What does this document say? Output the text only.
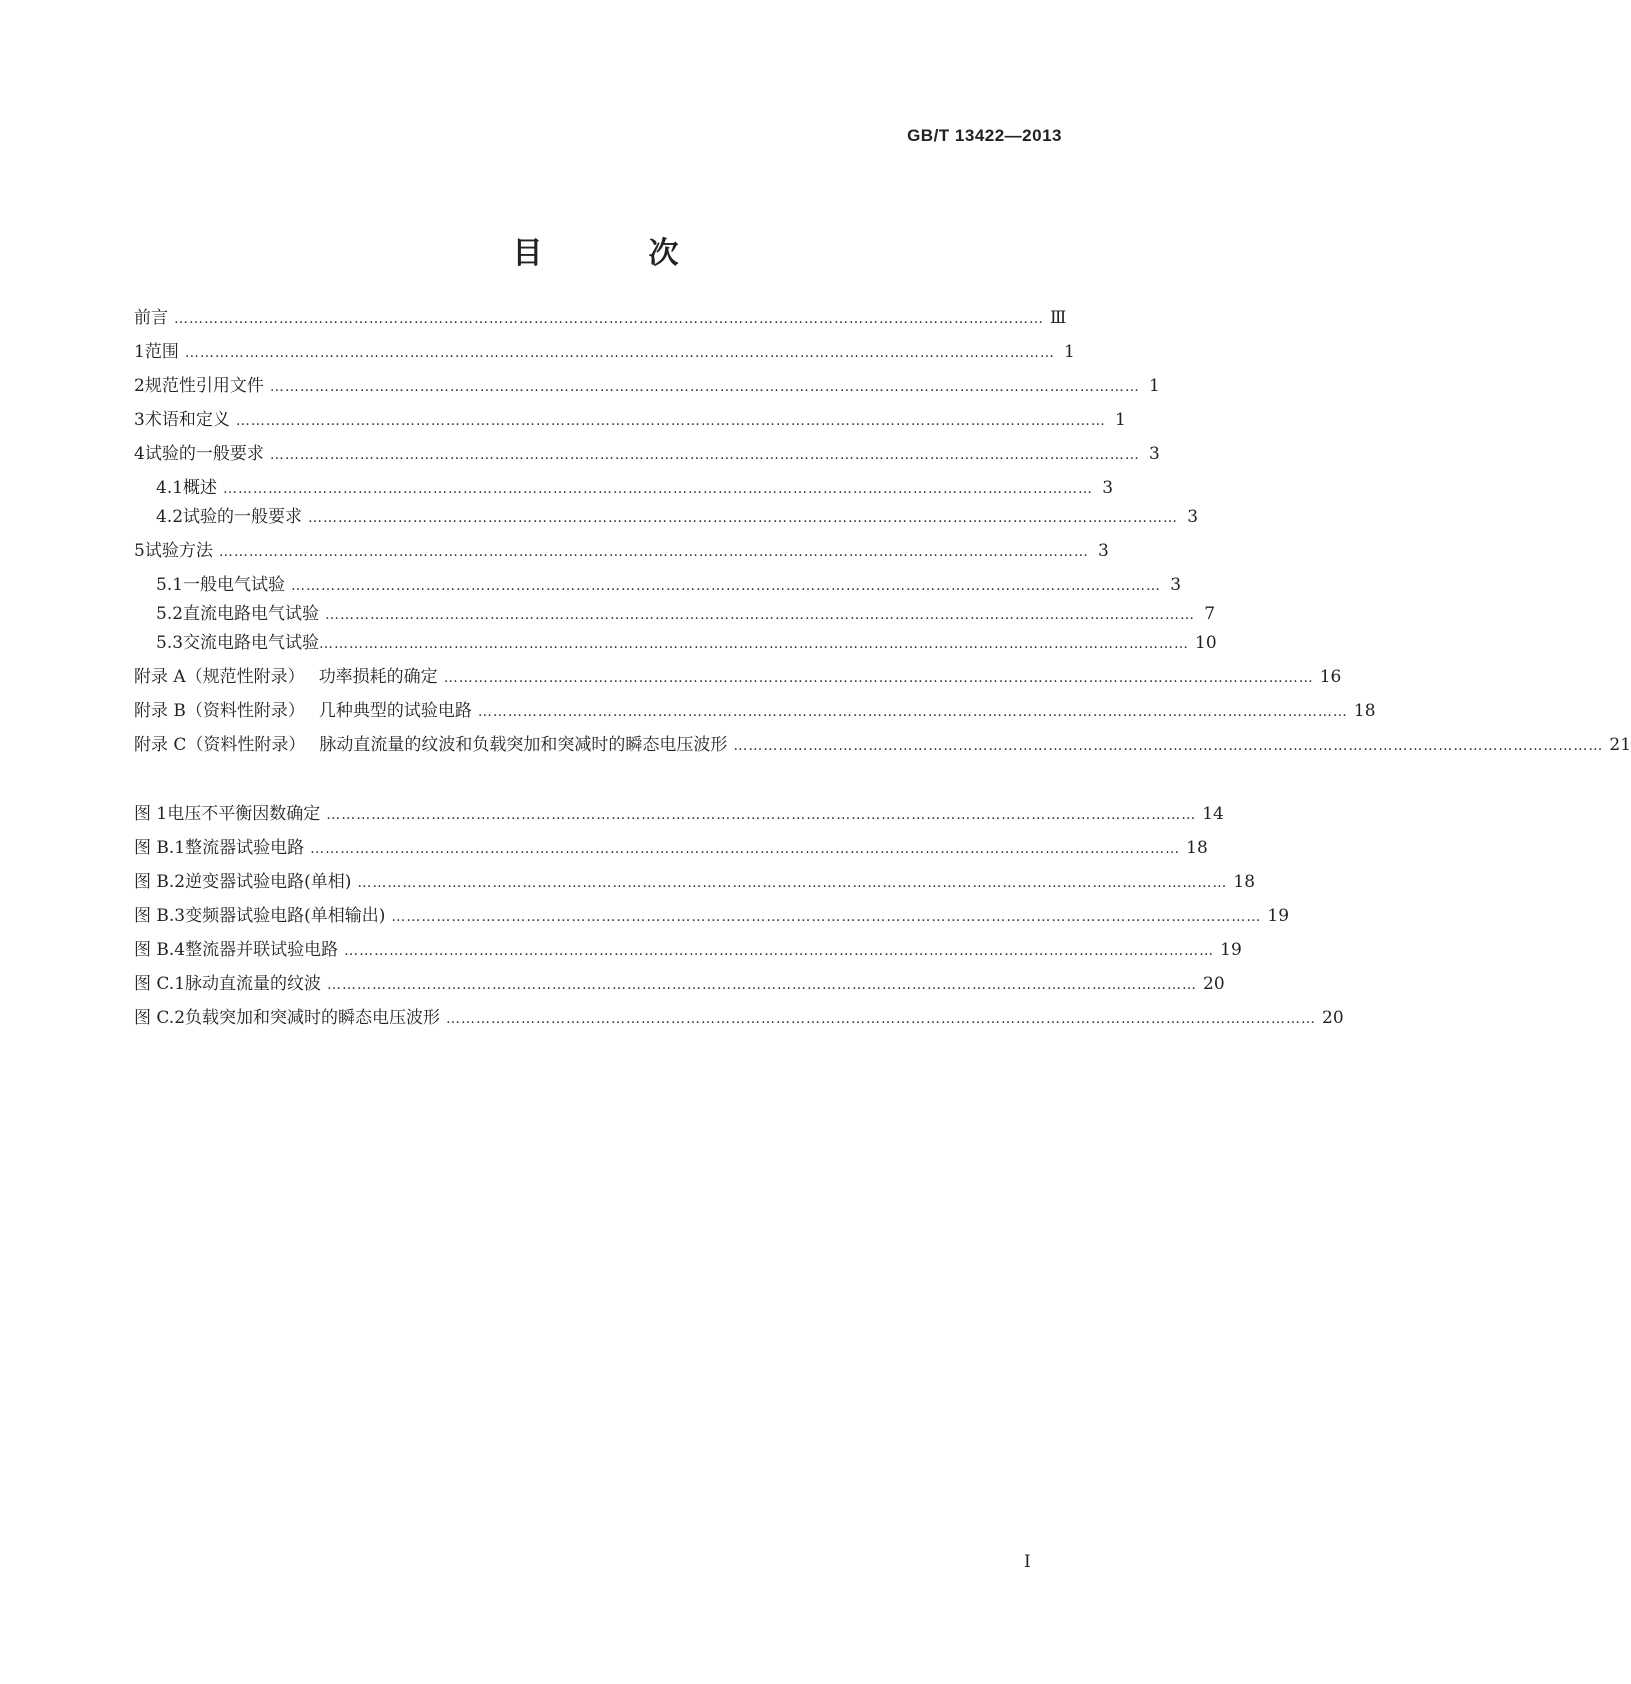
GB/T 13422—2013
目　次
前言 ………………………………………………………………………………………………………………………………………………………… Ⅲ
1 范围 ………………………………………………………………………………………………………………………………………………………… 1
2 规范性引用文件 ………………………………………………………………………………………………………………………………………………………… 1
3 术语和定义 ………………………………………………………………………………………………………………………………………………………… 1
4 试验的一般要求 ………………………………………………………………………………………………………………………………………………………… 3
4.1 概述 ………………………………………………………………………………………………………………………………………………………… 3
4.2 试验的一般要求 ………………………………………………………………………………………………………………………………………………………… 3
5 试验方法 ………………………………………………………………………………………………………………………………………………………… 3
5.1 一般电气试验 ………………………………………………………………………………………………………………………………………………………… 3
5.2 直流电路电气试验 ………………………………………………………………………………………………………………………………………………………… 7
5.3 交流电路电气试验 ………………………………………………………………………………………………………………………………………………………… 10
附录 A（规范性附录） 功率损耗的确定 ………………………………………………………………………………………………………………………………………………………… 16
附录 B（资料性附录） 几种典型的试验电路 ………………………………………………………………………………………………………………………………………………………… 18
附录 C（资料性附录） 脉动直流量的纹波和负载突加和突减时的瞬态电压波形 ………………………………………………………………………………………………………………………………………………………… 21
图 1 电压不平衡因数确定 ………………………………………………………………………………………………………………………………………………………… 14
图 B.1 整流器试验电路 ………………………………………………………………………………………………………………………………………………………… 18
图 B.2 逆变器试验电路(单相) ………………………………………………………………………………………………………………………………………………………… 18
图 B.3 变频器试验电路(单相输出) ………………………………………………………………………………………………………………………………………………………… 19
图 B.4 整流器并联试验电路 ………………………………………………………………………………………………………………………………………………………… 19
图 C.1 脉动直流量的纹波 ………………………………………………………………………………………………………………………………………………………… 20
图 C.2 负载突加和突减时的瞬态电压波形 ………………………………………………………………………………………………………………………………………………………… 20
I
